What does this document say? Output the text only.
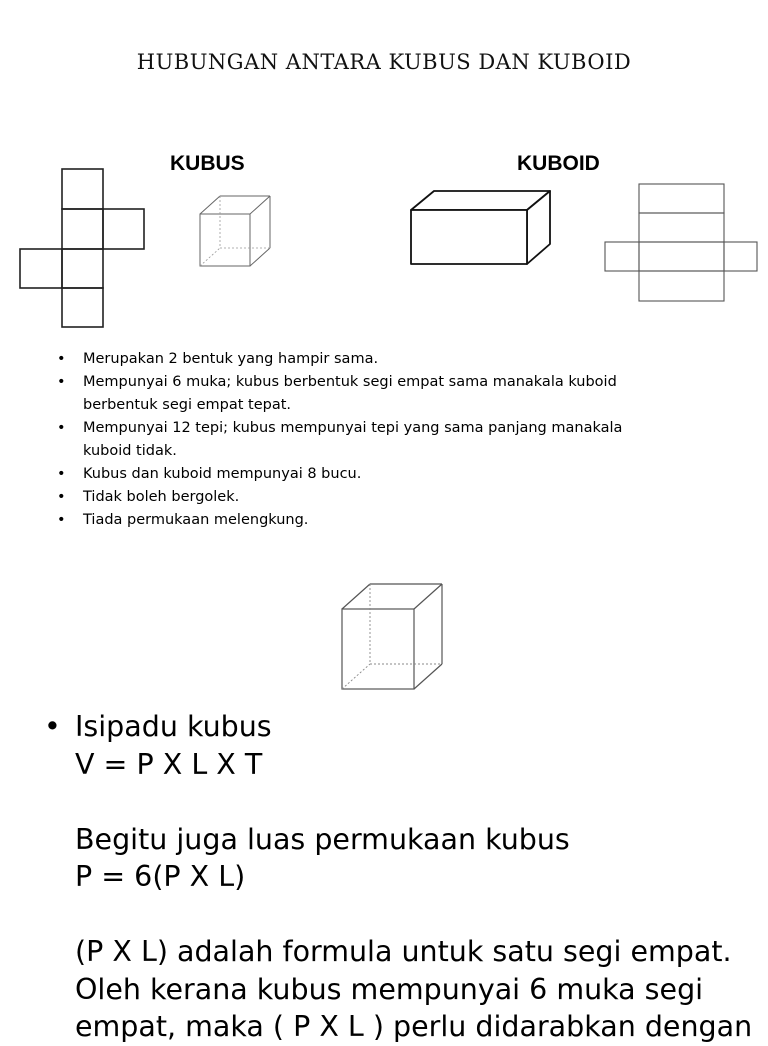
HUBUNGAN ANTARA KUBUS DAN KUBOID
KUBUS	KUBOID
• Merupakan 2 bentuk yang hampir sama.
• Mempunyai 6 muka; kubus berbentuk segi empat sama manakala kuboid
berbentuk segi empat tepat.
• Mempunyai 12 tepi; kubus mempunyai tepi yang sama panjang manakala
kuboid tidak.
• Kubus dan kuboid mempunyai 8 bucu.
• Tidak boleh bergolek.
• Tiada permukaan melengkung.
• Isipadu kubus
V = P X L X T
Begitu juga luas permukaan kubus
P = 6(P X L)
(P X L) adalah formula untuk satu segi empat.
Oleh kerana kubus mempunyai 6 muka segi
empat, maka ( P X L ) perlu didarabkan dengan
